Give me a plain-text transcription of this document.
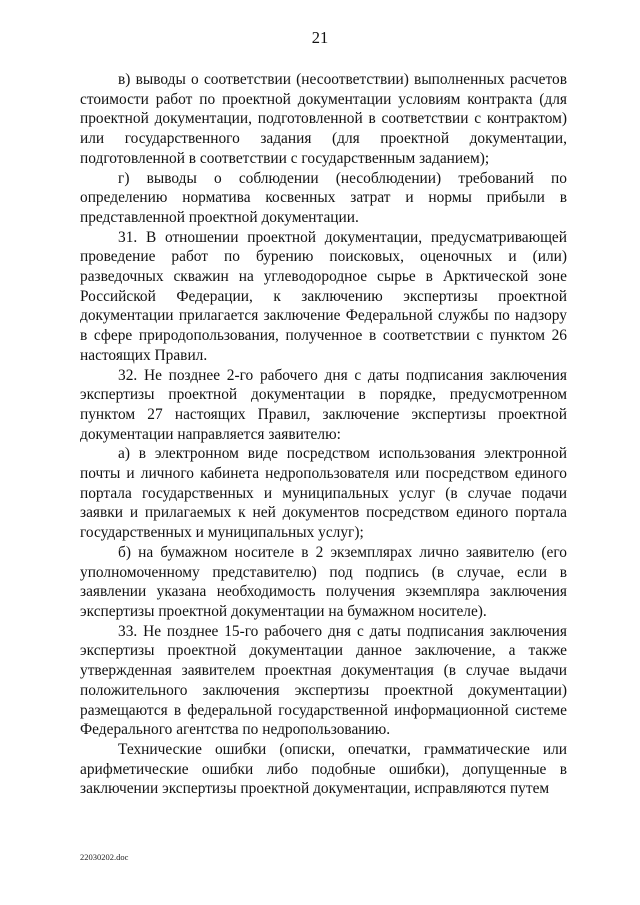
21

в) выводы о соответствии (несоответствии) выполненных расчетов стоимости работ по проектной документации условиям контракта (для проектной документации, подготовленной в соответствии с контрактом) или государственного задания (для проектной документации, подготовленной в соответствии с государственным заданием);

г) выводы о соблюдении (несоблюдении) требований по определению норматива косвенных затрат и нормы прибыли в представленной проектной документации.

31. В отношении проектной документации, предусматривающей проведение работ по бурению поисковых, оценочных и (или) разведочных скважин на углеводородное сырье в Арктической зоне Российской Федерации, к заключению экспертизы проектной документации прилагается заключение Федеральной службы по надзору в сфере природопользования, полученное в соответствии с пунктом 26 настоящих Правил.

32. Не позднее 2-го рабочего дня с даты подписания заключения экспертизы проектной документации в порядке, предусмотренном пунктом 27 настоящих Правил, заключение экспертизы проектной документации направляется заявителю:

а) в электронном виде посредством использования электронной почты и личного кабинета недропользователя или посредством единого портала государственных и муниципальных услуг (в случае подачи заявки и прилагаемых к ней документов посредством единого портала государственных и муниципальных услуг);

б) на бумажном носителе в 2 экземплярах лично заявителю (его уполномоченному представителю) под подпись (в случае, если в заявлении указана необходимость получения экземпляра заключения экспертизы проектной документации на бумажном носителе).

33. Не позднее 15-го рабочего дня с даты подписания заключения экспертизы проектной документации данное заключение, а также утвержденная заявителем проектная документация (в случае выдачи положительного заключения экспертизы проектной документации) размещаются в федеральной государственной информационной системе Федерального агентства по недропользованию.

Технические ошибки (описки, опечатки, грамматические или арифметические ошибки либо подобные ошибки), допущенные в заключении экспертизы проектной документации, исправляются путем

22030202.doc
